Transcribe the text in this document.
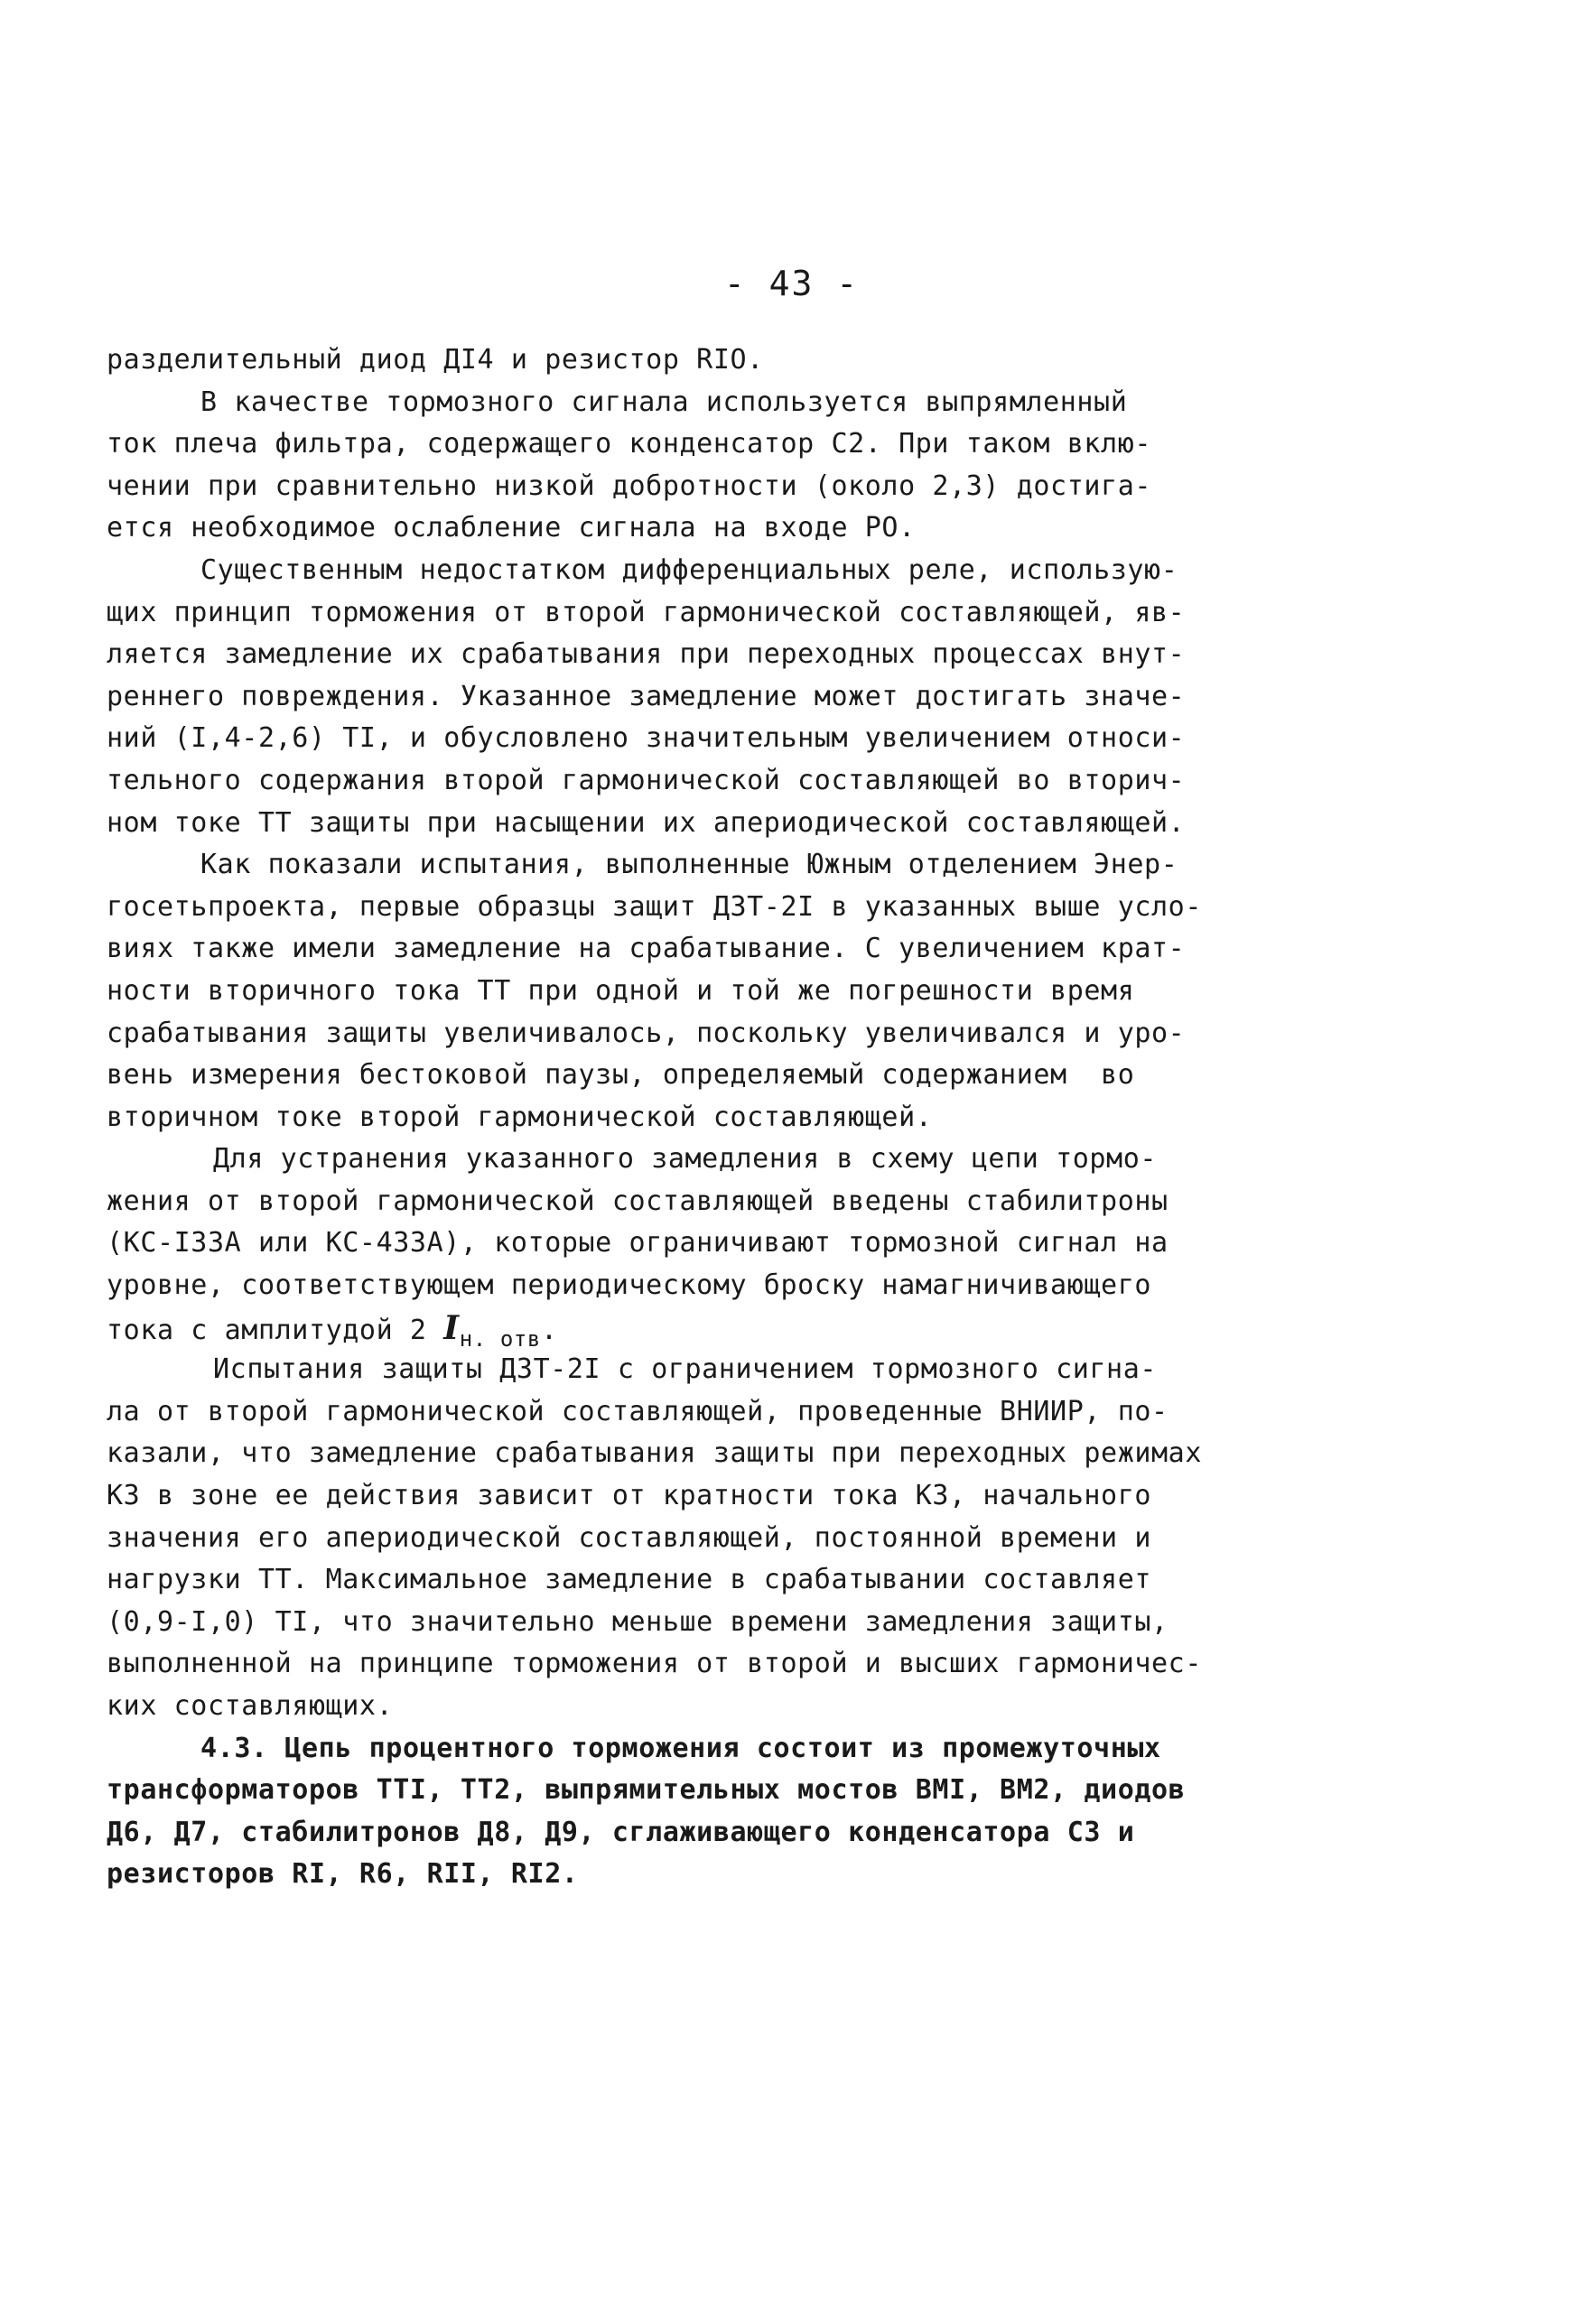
- 43 -
разделительный диод ДI4 и резистор RIO.
В качестве тормозного сигнала используется выпрямленный
ток плеча фильтра, содержащего конденсатор С2. При таком вклю-
чении при сравнительно низкой добротности (около 2,3) достига-
ется необходимое ослабление сигнала на входе РО.
Существенным недостатком дифференциальных реле, использую-
щих принцип торможения от второй гармонической составляющей, яв-
ляется замедление их срабатывания при переходных процессах внут-
реннего повреждения. Указанное замедление может достигать значе-
ний (I,4-2,6) TI, и обусловлено значительным увеличением относи-
тельного содержания второй гармонической составляющей во вторич-
ном токе ТТ защиты при насыщении их апериодической составляющей.
Как показали испытания, выполненные Южным отделением Энер-
госетьпроекта, первые образцы защит ДЗТ-2I в указанных выше усло-
виях также имели замедление на срабатывание. С увеличением крат-
ности вторичного тока ТТ при одной и той же погрешности время
срабатывания защиты увеличивалось, поскольку увеличивался и уро-
вень измерения бестоковой паузы, определяемый содержанием  во
вторичном токе второй гармонической составляющей.
Для устранения указанного замедления в схему цепи тормо-
жения от второй гармонической составляющей введены стабилитроны
(КС-I33А или КС-433А), которые ограничивают тормозной сигнал на
уровне, соответствующем периодическому броску намагничивающего
тока с амплитудой 2 $I_{н. отв}$.
Испытания защиты ДЗТ-2I с ограничением тормозного сигна-
ла от второй гармонической составляющей, проведенные ВНИИР, по-
казали, что замедление срабатывания защиты при переходных режимах
КЗ в зоне ее действия зависит от кратности тока КЗ, начального
значения его апериодической составляющей, постоянной времени и
нагрузки ТТ. Максимальное замедление в срабатывании составляет
(0,9-I,0) TI, что значительно меньше времени замедления защиты,
выполненной на принципе торможения от второй и высших гармоничес-
ких составляющих.
4.3. Цепь процентного торможения состоит из промежуточных
трансформаторов ТТI, ТТ2, выпрямительных мостов ВМI, ВМ2, диодов
Д6, Д7, стабилитронов Д8, Д9, сглаживающего конденсатора С3 и
резисторов RI, R6, RII, RI2.
